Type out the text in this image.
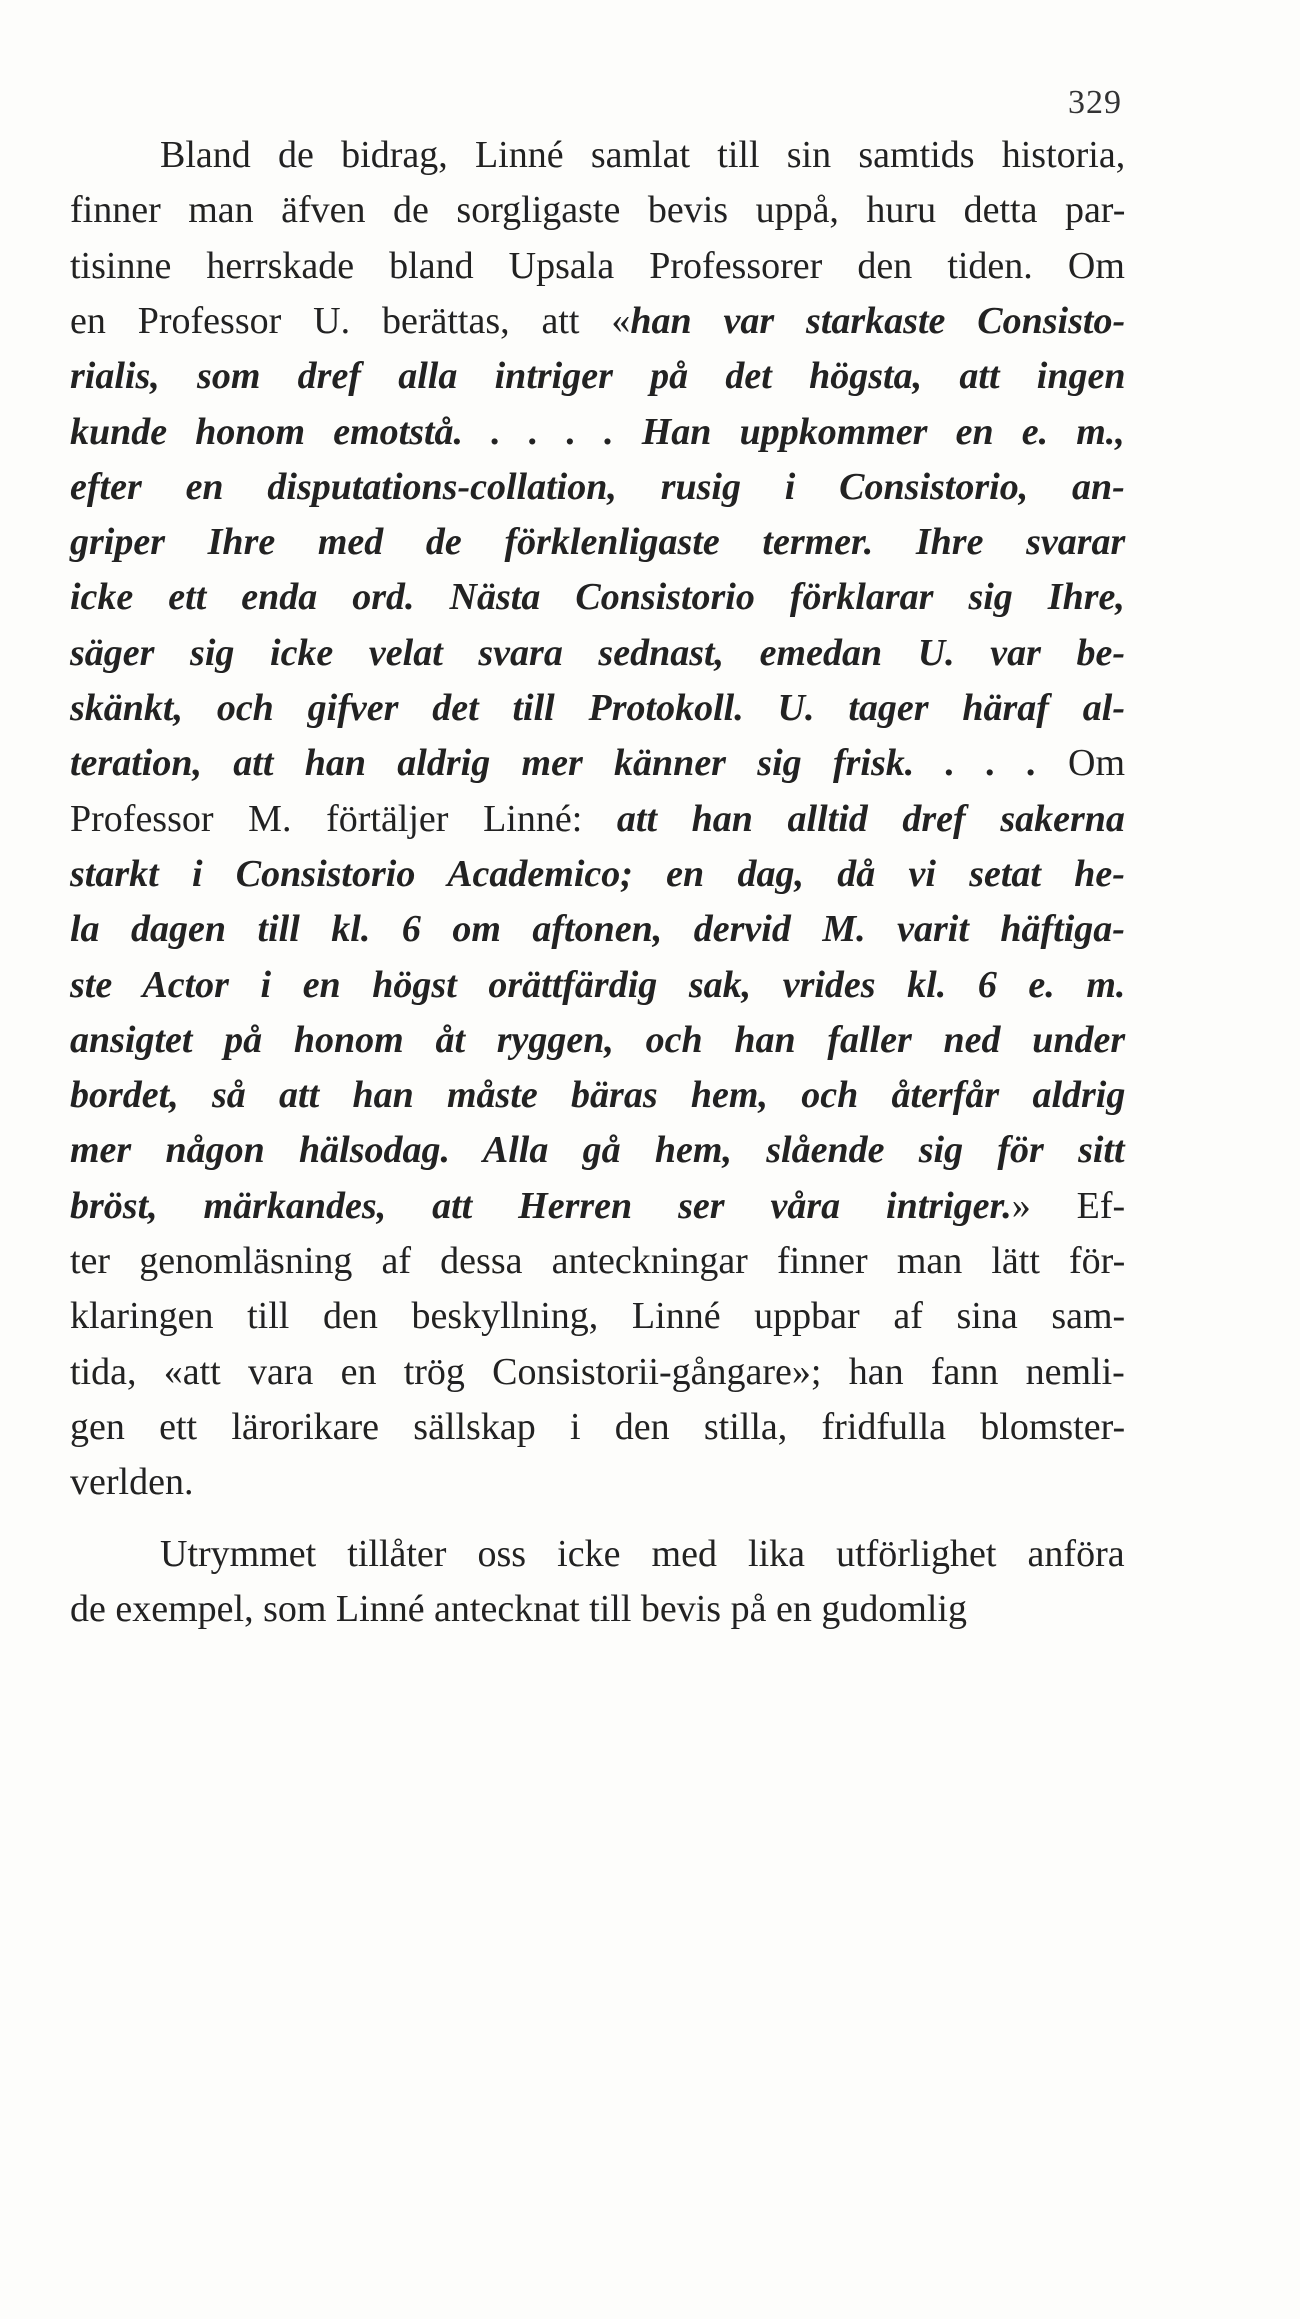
329
Bland de bidrag, Linné samlat till sin samtids historia,
finner man äfven de sorgligaste bevis uppå, huru detta par-
tisinne herrskade bland Upsala Professorer den tiden. Om
en Professor U. berättas, att «han var starkaste Consisto-
rialis, som dref alla intriger på det högsta, att ingen
kunde honom emotstå. . . . . Han uppkommer en e. m.,
efter en disputations-collation, rusig i Consistorio, an-
griper Ihre med de förklenligaste termer. Ihre svarar
icke ett enda ord. Nästa Consistorio förklarar sig Ihre,
säger sig icke velat svara sednast, emedan U. var be-
skänkt, och gifver det till Protokoll. U. tager häraf al-
teration, att han aldrig mer känner sig frisk. . . . Om
Professor M. förtäljer Linné: att han alltid dref sakerna
starkt i Consistorio Academico; en dag, då vi setat he-
la dagen till kl. 6 om aftonen, dervid M. varit häftiga-
ste Actor i en högst orättfärdig sak, vrides kl. 6 e. m.
ansigtet på honom åt ryggen, och han faller ned under
bordet, så att han måste bäras hem, och återfår aldrig
mer någon hälsodag. Alla gå hem, slående sig för sitt
bröst, märkandes, att Herren ser våra intriger.» Ef-
ter genomläsning af dessa anteckningar finner man lätt för-
klaringen till den beskyllning, Linné uppbar af sina sam-
tida, «att vara en trög Consistorii-gångare»; han fann nemli-
gen ett lärorikare sällskap i den stilla, fridfulla blomster-
verlden.
Utrymmet tillåter oss icke med lika utförlighet anföra
de exempel, som Linné antecknat till bevis på en gudomlig
